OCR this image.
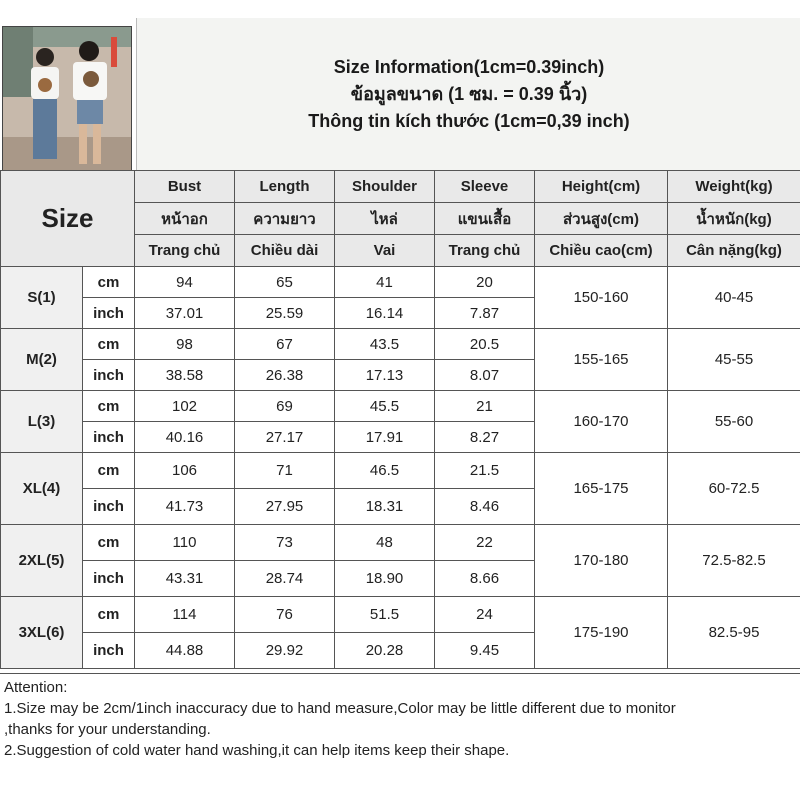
Size Information(1cm=0.39inch)
ข้อมูลขนาด (1 ซม. = 0.39 นิ้ว)
Thông tin kích thước (1cm=0,39 inch)
Size		Bust	Length	Shoulder	Sleeve	Height(cm)	Weight(kg)
		หน้าอก	ความยาว	ไหล่	แขนเสื้อ	ส่วนสูง(cm)	น้ำหนัก(kg)
		Trang chủ	Chiều dài	Vai	Trang chủ	Chiều cao(cm)	Cân nặng(kg)
S(1)	cm	94	65	41	20	150-160	40-45
	inch	37.01	25.59	16.14	7.87		
M(2)	cm	98	67	43.5	20.5	155-165	45-55
	inch	38.58	26.38	17.13	8.07		
L(3)	cm	102	69	45.5	21	160-170	55-60
	inch	40.16	27.17	17.91	8.27		
XL(4)	cm	106	71	46.5	21.5	165-175	60-72.5
	inch	41.73	27.95	18.31	8.46		
2XL(5)	cm	110	73	48	22	170-180	72.5-82.5
	inch	43.31	28.74	18.90	8.66		
3XL(6)	cm	114	76	51.5	24	175-190	82.5-95
	inch	44.88	29.92	20.28	9.45		

Attention:

1.Size may be 2cm/1inch inaccuracy due to hand measure,Color may be little different due to monitor

,thanks for your understanding.

2.Suggestion of cold water hand washing,it can help items keep their shape.
